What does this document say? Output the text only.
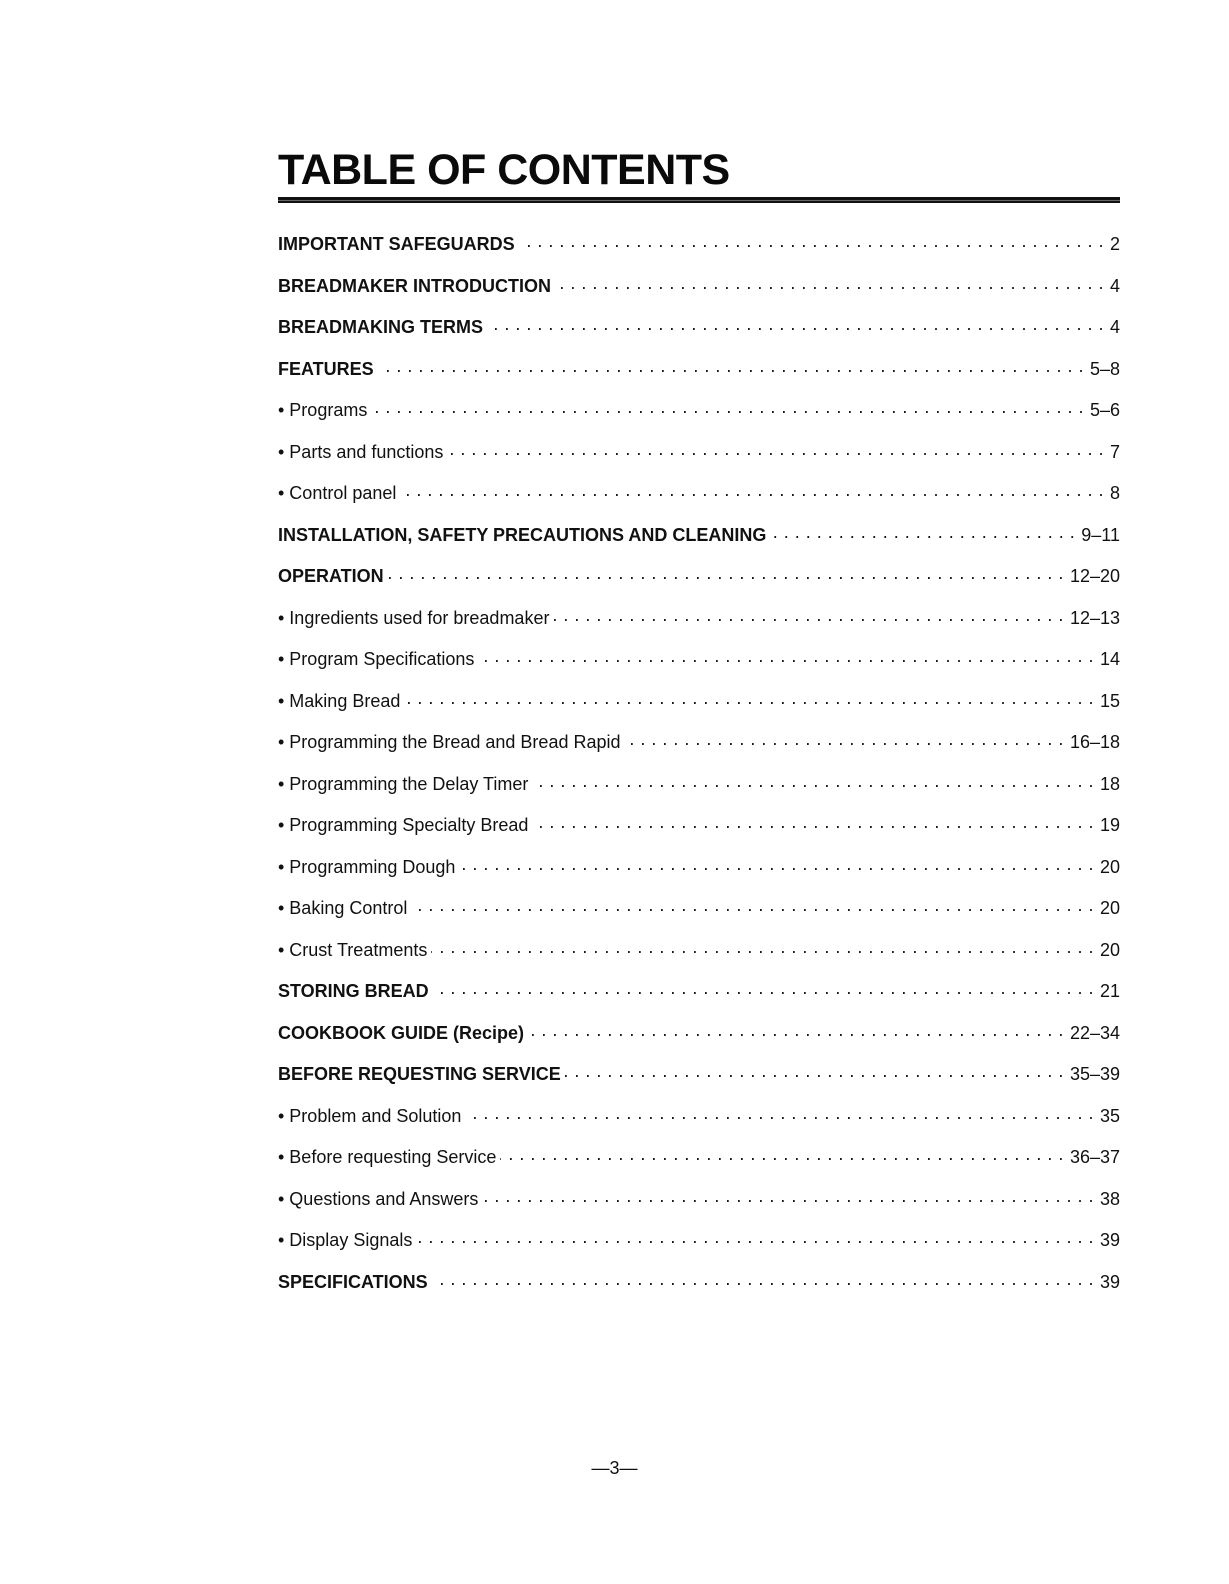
TABLE OF CONTENTS
IMPORTANT SAFEGUARDS . . .	2
BREADMAKER INTRODUCTION . . .	4
BREADMAKING TERMS . . .	4
FEATURES . . .	5–8
• Programs . . .	5–6
• Parts and functions . . .	7
• Control panel . . .	8
INSTALLATION, SAFETY PRECAUTIONS AND CLEANING . . .	9–11
OPERATION . . .	12–20
• Ingredients used for breadmaker . . .	12–13
• Program Specifications . . .	14
• Making Bread . . .	15
• Programming the Bread and Bread Rapid . . .	16–18
• Programming the Delay Timer . . .	18
• Programming Specialty Bread . . .	19
• Programming Dough . . .	20
• Baking Control . . .	20
• Crust Treatments . . .	20
STORING BREAD . . .	21
COOKBOOK GUIDE (Recipe) . . .	22–34
BEFORE REQUESTING SERVICE . . .	35–39
• Problem and Solution . . .	35
• Before requesting Service . . .	36–37
• Questions and Answers . . .	38
• Display Signals . . .	39
SPECIFICATIONS . . .	39

—3—
